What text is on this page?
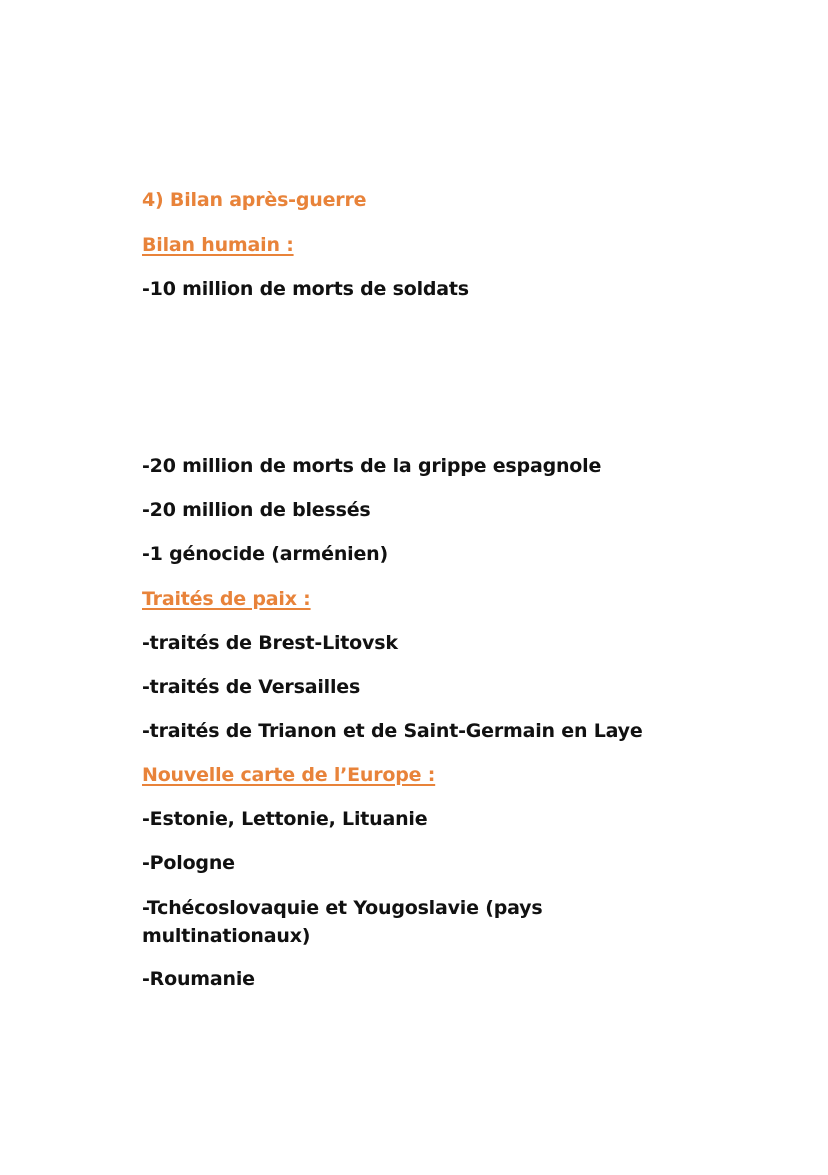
4) Bilan après-guerre
Bilan humain :
-10 million de morts de soldats
-20 million de morts de la grippe espagnole
-20 million de blessés
-1 génocide (arménien)
Traités de paix :
-traités de Brest-Litovsk
-traités de Versailles
-traités de Trianon et de Saint-Germain en Laye
Nouvelle carte de l’Europe :
-Estonie, Lettonie, Lituanie
-Pologne
-Tchécoslovaquie et Yougoslavie (pays multinationaux)
-Roumanie
